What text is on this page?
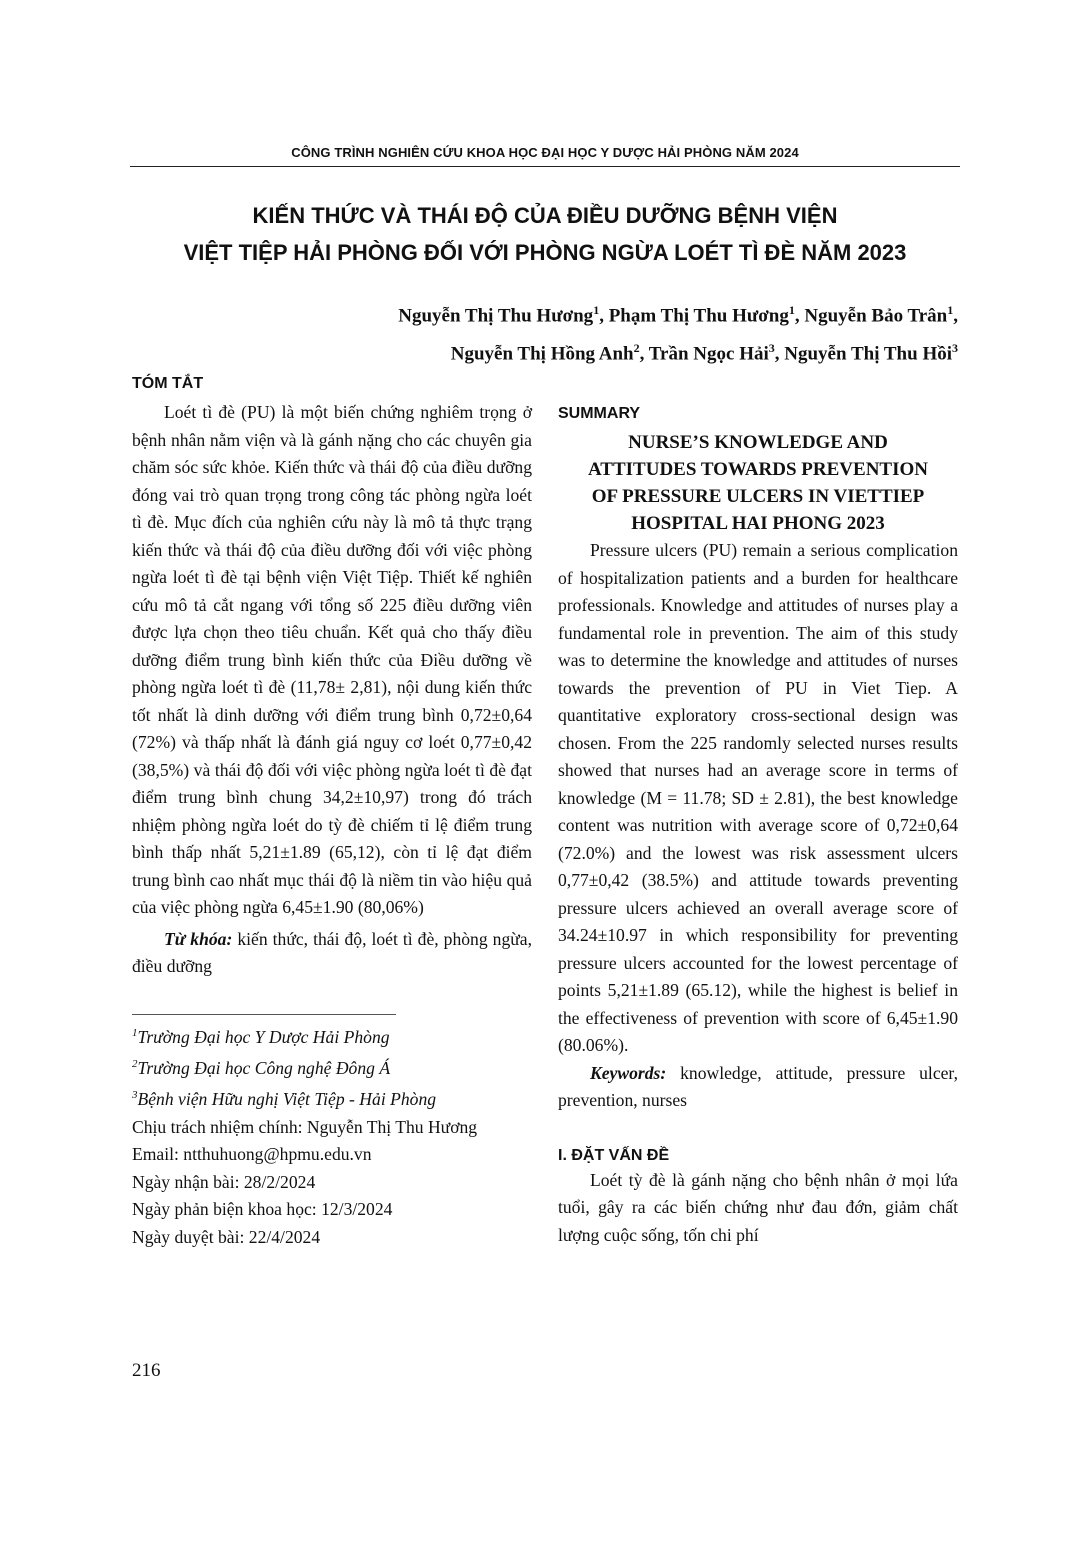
CÔNG TRÌNH NGHIÊN CỨU KHOA HỌC ĐẠI HỌC Y DƯỢC HẢI PHÒNG NĂM 2024
KIẾN THỨC VÀ THÁI ĐỘ CỦA ĐIỀU DƯỠNG BỆNH VIỆN
VIỆT TIỆP HẢI PHÒNG ĐỐI VỚI PHÒNG NGỪA LOÉT TÌ ĐÈ NĂM 2023
Nguyễn Thị Thu Hương$^1$, Phạm Thị Thu Hương$^1$, Nguyễn Bảo Trân$^1$,
Nguyễn Thị Hồng Anh$^2$, Trần Ngọc Hải$^3$, Nguyễn Thị Thu Hồi$^3$
TÓM TẮT

Loét tì đè (PU) là một biến chứng nghiêm trọng ở bệnh nhân nằm viện và là gánh nặng cho các chuyên gia chăm sóc sức khỏe. Kiến thức và thái độ của điều dưỡng đóng vai trò quan trọng trong công tác phòng ngừa loét tì đè. Mục đích của nghiên cứu này là mô tả thực trạng kiến thức và thái độ của điều dưỡng đối với việc phòng ngừa loét tì đè tại bệnh viện Việt Tiệp. Thiết kế nghiên cứu mô tả cắt ngang với tổng số 225 điều dưỡng viên được lựa chọn theo tiêu chuẩn. Kết quả cho thấy điều dưỡng điểm trung bình kiến thức của Điều dưỡng về phòng ngừa loét tì đè (11,78± 2,81), nội dung kiến thức tốt nhất là dinh dưỡng với điểm trung bình 0,72±0,64 (72%) và thấp nhất là đánh giá nguy cơ loét 0,77±0,42 (38,5%) và thái độ đối với việc phòng ngừa loét tì đè đạt điểm trung bình chung 34,2±10,97) trong đó trách nhiệm phòng ngừa loét do tỳ đè chiếm tỉ lệ điểm trung bình thấp nhất 5,21±1.89 (65,12), còn tỉ lệ đạt điểm trung bình cao nhất mục thái độ là niềm tin vào hiệu quả của việc phòng ngừa 6,45±1.90 (80,06%)

Từ khóa: kiến thức, thái độ, loét tì đè, phòng ngừa, điều dưỡng

$^1$Trường Đại học Y Dược Hải Phòng

$^2$Trường Đại học Công nghệ Đông Á

$^3$Bệnh viện Hữu nghị Việt Tiệp - Hải Phòng

Chịu trách nhiệm chính: Nguyễn Thị Thu Hương

Email: ntthuhuong@hpmu.edu.vn

Ngày nhận bài: 28/2/2024

Ngày phản biện khoa học: 12/3/2024

Ngày duyệt bài: 22/4/2024

SUMMARY
NURSE’S KNOWLEDGE AND
ATTITUDES TOWARDS PREVENTION
OF PRESSURE ULCERS IN VIETTIEP
HOSPITAL HAI PHONG 2023

Pressure ulcers (PU) remain a serious complication of hospitalization patients and a burden for healthcare professionals. Knowledge and attitudes of nurses play a fundamental role in prevention. The aim of this study was to determine the knowledge and attitudes of nurses towards the prevention of PU in Viet Tiep. A quantitative exploratory cross-sectional design was chosen. From the 225 randomly selected nurses results showed that nurses had an average score in terms of knowledge (M = 11.78; SD ± 2.81), the best knowledge content was nutrition with average score of 0,72±0,64 (72.0%) and the lowest was risk assessment ulcers 0,77±0,42 (38.5%) and attitude towards preventing pressure ulcers achieved an overall average score of 34.24±10.97 in which responsibility for preventing pressure ulcers accounted for the lowest percentage of points 5,21±1.89 (65.12), while the highest is belief in the effectiveness of prevention with score of 6,45±1.90 (80.06%).

Keywords: knowledge, attitude, pressure ulcer, prevention, nurses

I. ĐẶT VẤN ĐỀ

Loét tỳ đè là gánh nặng cho bệnh nhân ở mọi lứa tuổi, gây ra các biến chứng như đau đớn, giảm chất lượng cuộc sống, tốn chi phí

216
